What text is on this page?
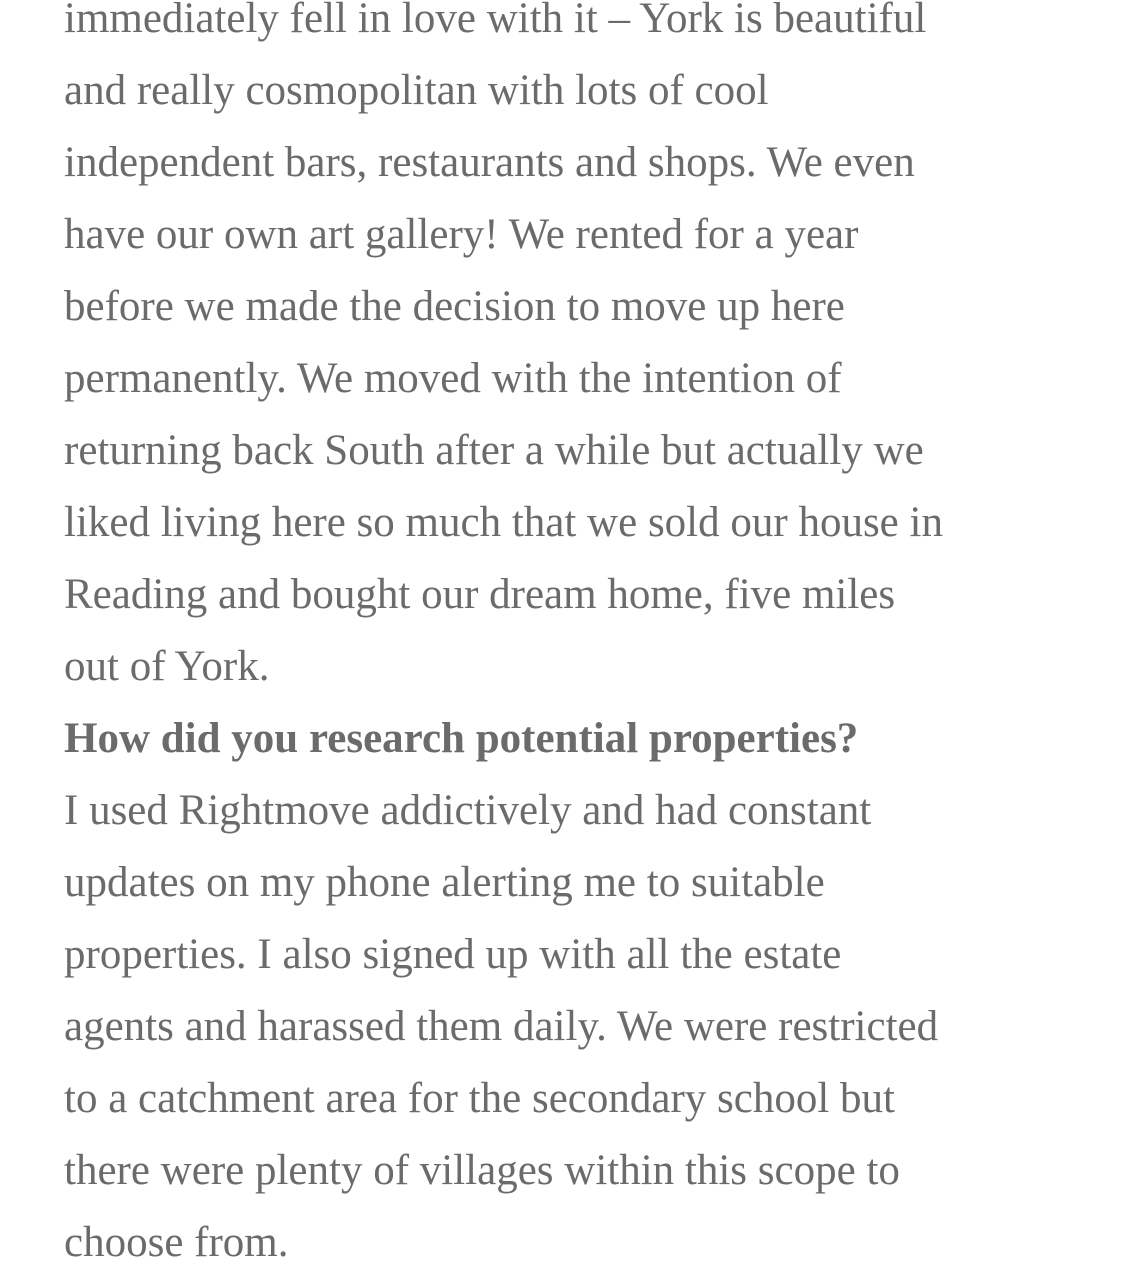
immediately fell in love with it – York is beautiful
and really cosmopolitan with lots of cool
independent bars, restaurants and shops. We even
have our own art gallery! We rented for a year
before we made the decision to move up here
permanently. We moved with the intention of
returning back South after a while but actually we
liked living here so much that we sold our house in
Reading and bought our dream home, five miles
out of York.

How did you research potential properties?

I used Rightmove addictively and had constant
updates on my phone alerting me to suitable
properties. I also signed up with all the estate
agents and harassed them daily. We were restricted
to a catchment area for the secondary school but
there were plenty of villages within this scope to
choose from.
